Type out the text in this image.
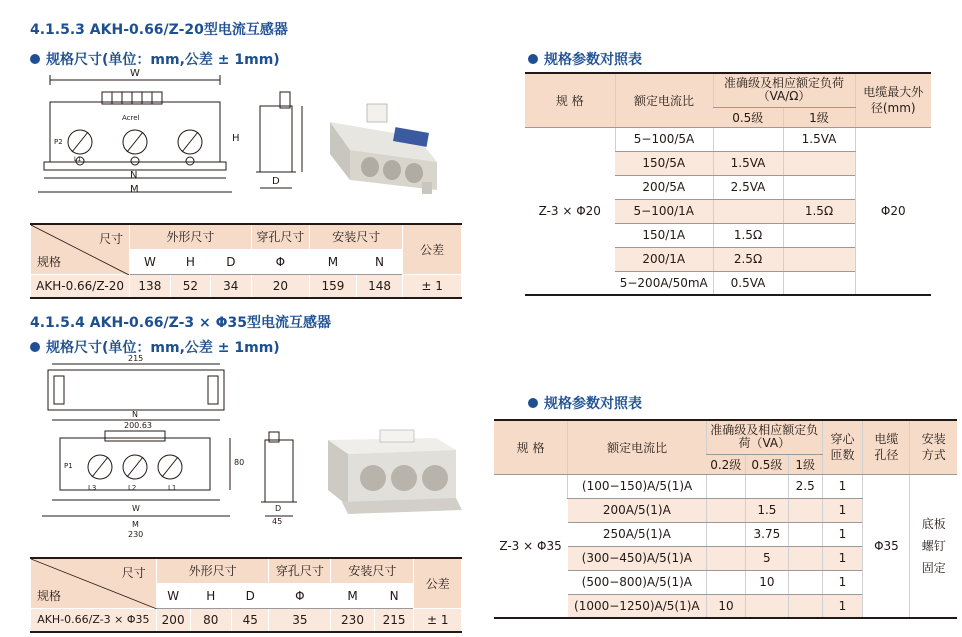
4.1.5.3 AKH-0.66/Z-20型电流互感器
规格尺寸(单位：mm,公差 ± 1mm)
W
N
M
Acrel
P2
L1
H
D
尺寸
规格	外形尺寸			穿孔尺寸	安装尺寸		公差
	W	H	D	Φ	M	N	
AKH-0.66/Z-20	138	52	34	20	159	148	± 1
规格参数对照表
规 格	额定电流比	准确级及相应额定负荷（VA/Ω）		电缆最大外径(mm)
		0.5级	1级	
Z-3 × Φ20	5−100/5A		1.5VA	Φ20
	150/5A	1.5VA		
	200/5A	2.5VA		
	5−100/1A		1.5Ω	
	150/1A	1.5Ω		
	200/1A	2.5Ω		
	5−200A/50mA	0.5VA		
4.1.5.4 AKH-0.66/Z-3 × Φ35型电流互感器
规格尺寸(单位：mm,公差 ± 1mm)
215
N
200.63
W
M
230
80
L3	L2	L1
P1
D
45
尺寸
规格	外形尺寸			穿孔尺寸	安装尺寸		公差
	W	H	D	Φ	M	N	
AKH-0.66/Z-3 × Φ35	200	80	45	35	230	215	± 1
规格参数对照表
规 格	额定电流比	准确级及相应额定负荷（VA）			穿心匝数	电缆孔径	安装方式
		0.2级	0.5级	1级			
Z-3 × Φ35	(100−150)A/5(1)A			2.5	1	Φ35	底板螺钉固定
	200A/5(1)A		1.5		1		
	250A/5(1)A		3.75		1		
	(300−450)A/5(1)A		5		1		
	(500−800)A/5(1)A		10		1		
	(1000−1250)A/5(1)A	10			1		
